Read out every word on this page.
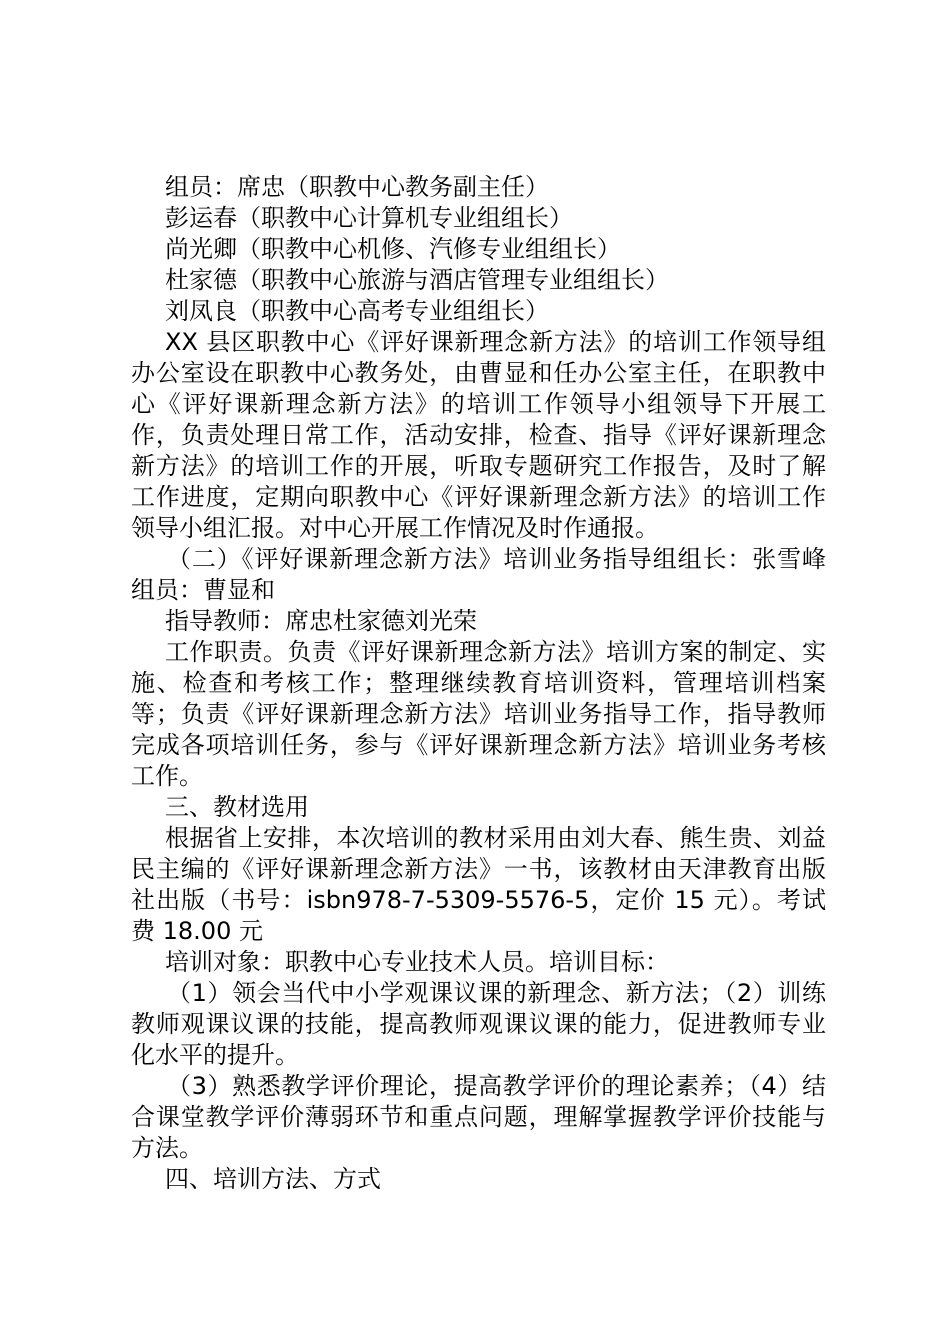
组员：席忠（职教中心教务副主任）

彭运春（职教中心计算机专业组组长）

尚光卿（职教中心机修、汽修专业组组长）

杜家德（职教中心旅游与酒店管理专业组组长）

刘凤良（职教中心高考专业组组长）

XX 县区职教中心《评好课新理念新方法》的培训工作领导组办公室设在职教中心教务处，由曹显和任办公室主任，在职教中心《评好课新理念新方法》的培训工作领导小组领导下开展工作，负责处理日常工作，活动安排，检查、指导《评好课新理念新方法》的培训工作的开展，听取专题研究工作报告，及时了解工作进度，定期向职教中心《评好课新理念新方法》的培训工作领导小组汇报。对中心开展工作情况及时作通报。

（二）《评好课新理念新方法》培训业务指导组组长：张雪峰组员：曹显和

指导教师：席忠杜家德刘光荣

工作职责。负责《评好课新理念新方法》培训方案的制定、实施、检查和考核工作；整理继续教育培训资料，管理培训档案等；负责《评好课新理念新方法》培训业务指导工作，指导教师完成各项培训任务，参与《评好课新理念新方法》培训业务考核工作。

三、教材选用

根据省上安排，本次培训的教材采用由刘大春、熊生贵、刘益民主编的《评好课新理念新方法》一书，该教材由天津教育出版社出版（书号：isbn978-7-5309-5576-5，定价 15 元）。考试费 18.00 元

培训对象：职教中心专业技术人员。培训目标：

（1）领会当代中小学观课议课的新理念、新方法；（2）训练教师观课议课的技能，提高教师观课议课的能力，促进教师专业化水平的提升。

（3）熟悉教学评价理论，提高教学评价的理论素养；（4）结合课堂教学评价薄弱环节和重点问题，理解掌握教学评价技能与方法。

四、培训方法、方式
